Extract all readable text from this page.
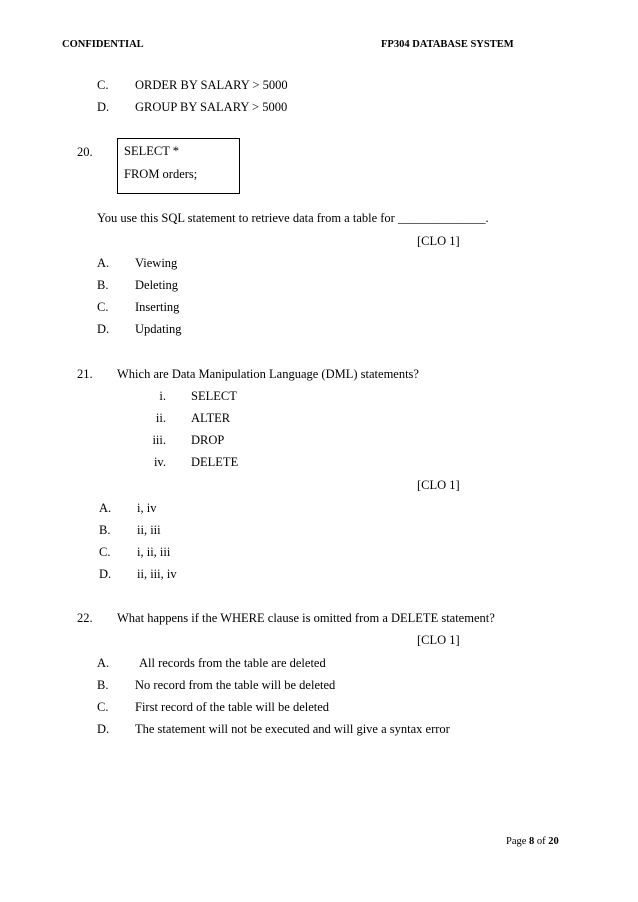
CONFIDENTIAL	FP304 DATABASE SYSTEM
C. ORDER BY SALARY > 5000
D. GROUP BY SALARY > 5000
20.	SELECT *
FROM orders;
You use this SQL statement to retrieve data from a table for ______________.
[CLO 1]
A. Viewing
B. Deleting
C. Inserting
D. Updating
21. Which are Data Manipulation Language (DML) statements?
i. SELECT
ii. ALTER
iii. DROP
iv. DELETE
[CLO 1]
A. i, iv
B. ii, iii
C. i, ii, iii
D. ii, iii, iv
22. What happens if the WHERE clause is omitted from a DELETE statement?
[CLO 1]
A. All records from the table are deleted
B. No record from the table will be deleted
C. First record of the table will be deleted
D. The statement will not be executed and will give a syntax error
Page 8 of 20
